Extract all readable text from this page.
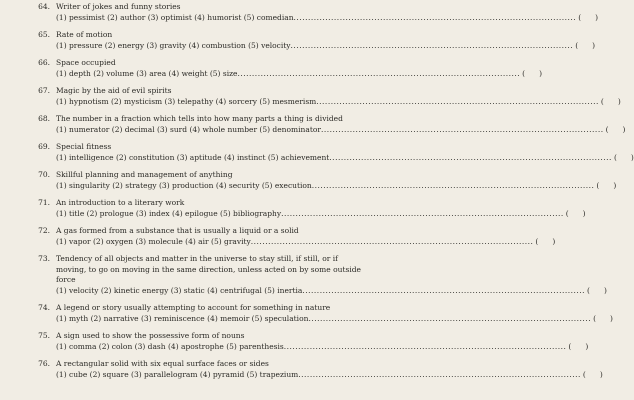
64. Writer of jokes and funny stories
(1) pessimist (2) author (3) optimist (4) humorist (5) comedian .....	( )
65. Rate of motion
(1) pressure (2) energy (3) gravity (4) combustion (5) velocity .....	( )
66. Space occupied
(1) depth (2) volume (3) area (4) weight (5) size .....	( )
67. Magic by the aid of evil spirits
(1) hypnotism (2) mysticism (3) telepathy (4) sorcery (5) mesmerism .....	( )
68. The number in a fraction which tells into how many parts a thing is divided
(1) numerator (2) decimal (3) surd (4) whole number (5) denominator .....	( )
69. Special fitness
(1) intelligence (2) constitution (3) aptitude (4) instinct (5) achievement .....	( )
70. Skillful planning and management of anything
(1) singularity (2) strategy (3) production (4) security (5) execution .....	( )
71. An introduction to a literary work
(1) title (2) prologue (3) index (4) epilogue (5) bibliography .....	( )
72. A gas formed from a substance that is usually a liquid or a solid
(1) vapor (2) oxygen (3) molecule (4) air (5) gravity .....	( )
73. Tendency of all objects and matter in the universe to stay still, if still, or if
moving, to go on moving in the same direction, unless acted on by some outside
force
(1) velocity (2) kinetic energy (3) static (4) centrifugal (5) inertia .....	( )
74. A legend or story usually attempting to account for something in nature
(1) myth (2) narrative (3) reminiscence (4) memoir (5) speculation .....	( )
75. A sign used to show the possessive form of nouns
(1) comma (2) colon (3) dash (4) apostrophe (5) parenthesis .....	( )
76. A rectangular solid with six equal surface faces or sides
(1) cube (2) square (3) parallelogram (4) pyramid (5) trapezium .....	( )
